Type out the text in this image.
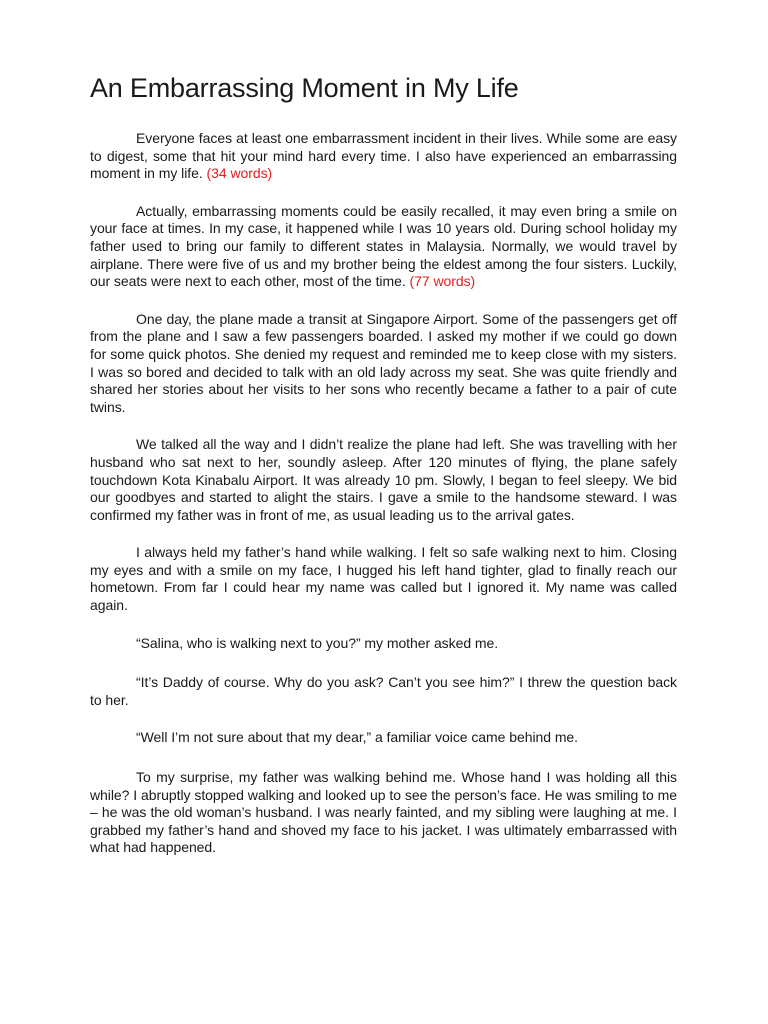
An Embarrassing Moment in My Life

Everyone faces at least one embarrassment incident in their lives. While some are easy to digest, some that hit your mind hard every time. I also have experienced an embarrassing moment in my life. (34 words)

Actually, embarrassing moments could be easily recalled, it may even bring a smile on your face at times. In my case, it happened while I was 10 years old. During school holiday my father used to bring our family to different states in Malaysia. Normally, we would travel by airplane. There were five of us and my brother being the eldest among the four sisters. Luckily, our seats were next to each other, most of the time. (77 words)

One day, the plane made a transit at Singapore Airport. Some of the passengers get off from the plane and I saw a few passengers boarded. I asked my mother if we could go down for some quick photos. She denied my request and reminded me to keep close with my sisters. I was so bored and decided to talk with an old lady across my seat. She was quite friendly and shared her stories about her visits to her sons who recently became a father to a pair of cute twins.

We talked all the way and I didn’t realize the plane had left. She was travelling with her husband who sat next to her, soundly asleep. After 120 minutes of flying, the plane safely touchdown Kota Kinabalu Airport. It was already 10 pm. Slowly, I began to feel sleepy. We bid our goodbyes and started to alight the stairs. I gave a smile to the handsome steward. I was confirmed my father was in front of me, as usual leading us to the arrival gates.

I always held my father’s hand while walking. I felt so safe walking next to him. Closing my eyes and with a smile on my face, I hugged his left hand tighter, glad to finally reach our hometown. From far I could hear my name was called but I ignored it. My name was called again.

“Salina, who is walking next to you?” my mother asked me.

“It’s Daddy of course. Why do you ask? Can’t you see him?” I threw the question back to her.

“Well I’m not sure about that my dear,” a familiar voice came behind me.

To my surprise, my father was walking behind me. Whose hand I was holding all this while? I abruptly stopped walking and looked up to see the person’s face. He was smiling to me – he was the old woman’s husband. I was nearly fainted, and my sibling were laughing at me. I grabbed my father’s hand and shoved my face to his jacket. I was ultimately embarrassed with what had happened.
